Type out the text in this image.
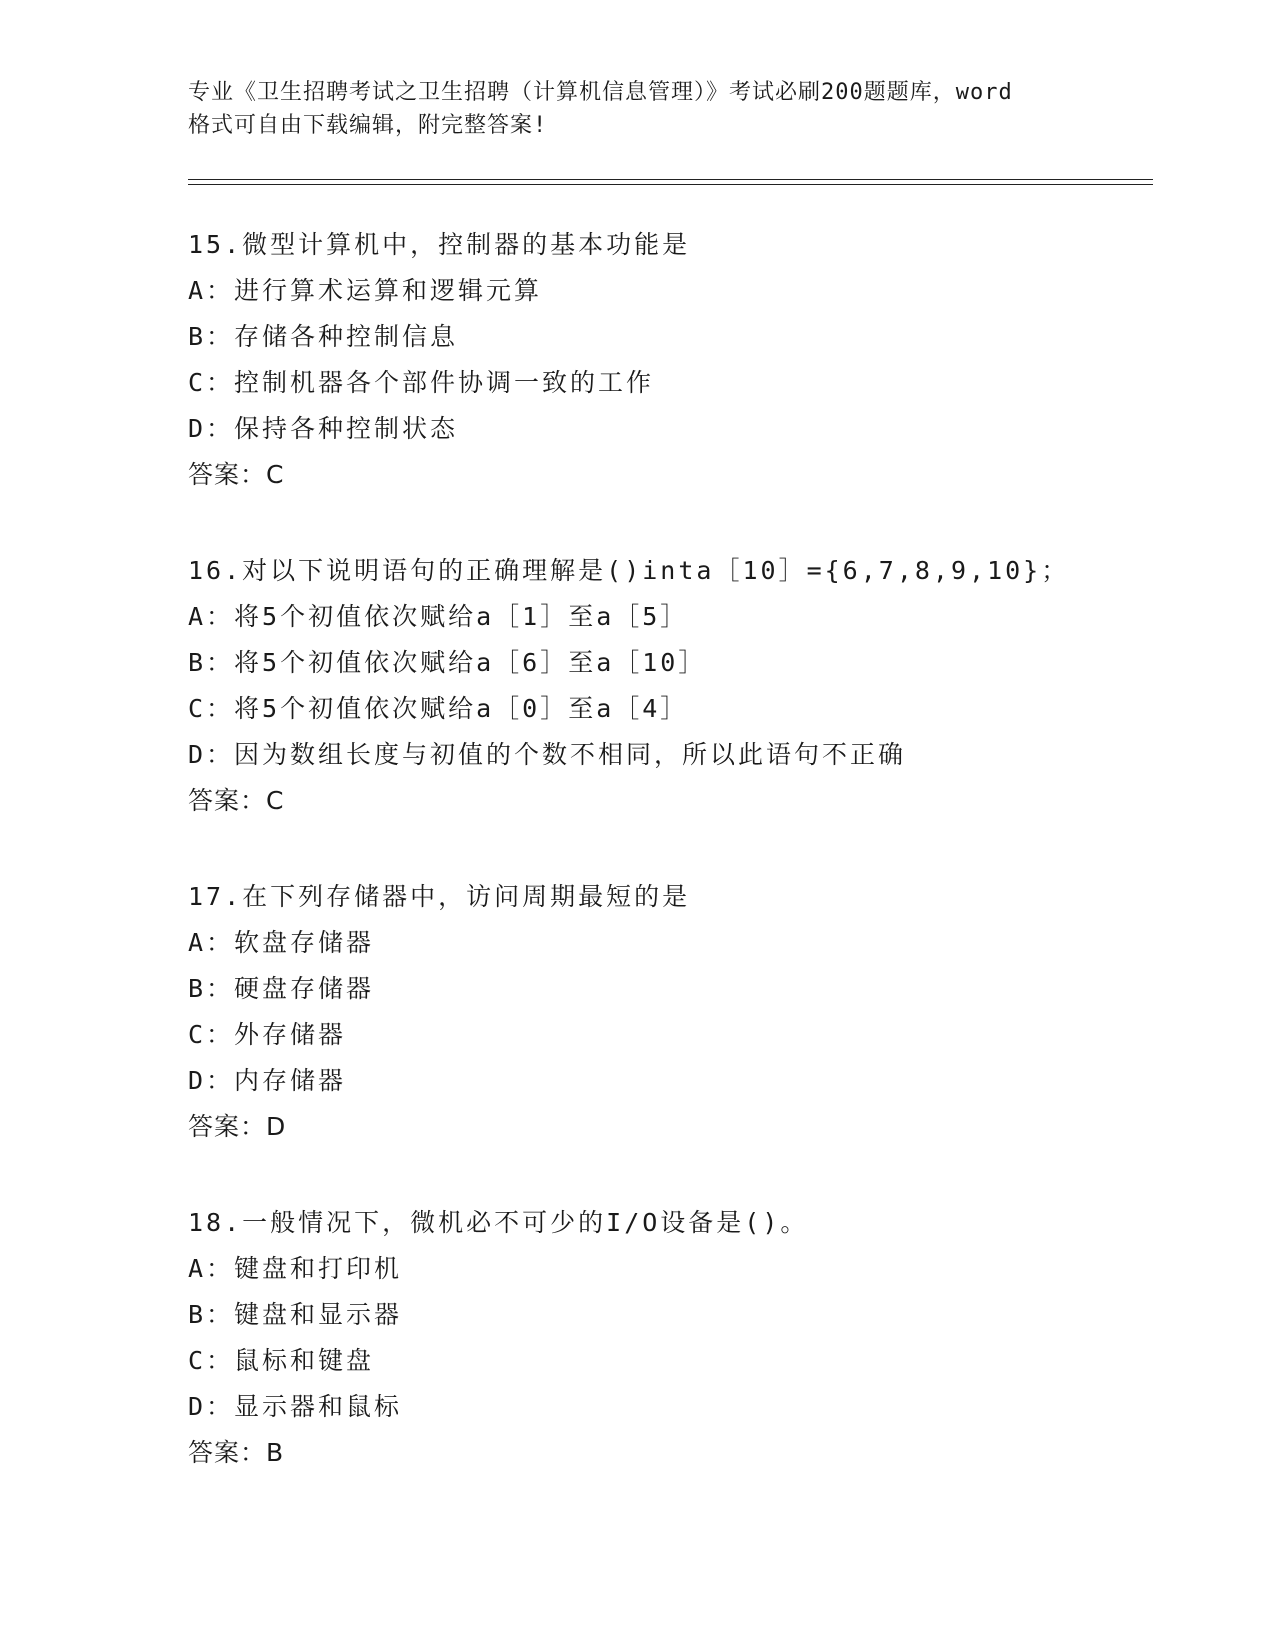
专业《卫生招聘考试之卫生招聘（计算机信息管理）》考试必刷200题题库，word
格式可自由下载编辑，附完整答案!
15.微型计算机中，控制器的基本功能是
A：进行算术运算和逻辑元算
B：存储各种控制信息
C：控制机器各个部件协调一致的工作
D：保持各种控制状态
答案：C
16.对以下说明语句的正确理解是()inta［10］={6,7,8,9,10}；
A：将5个初值依次赋给a［1］至a［5］
B：将5个初值依次赋给a［6］至a［10］
C：将5个初值依次赋给a［0］至a［4］
D：因为数组长度与初值的个数不相同，所以此语句不正确
答案：C
17.在下列存储器中，访问周期最短的是
A：软盘存储器
B：硬盘存储器
C：外存储器
D：内存储器
答案：D
18.一般情况下，微机必不可少的I/O设备是()。
A：键盘和打印机
B：键盘和显示器
C：鼠标和键盘
D：显示器和鼠标
答案：B
